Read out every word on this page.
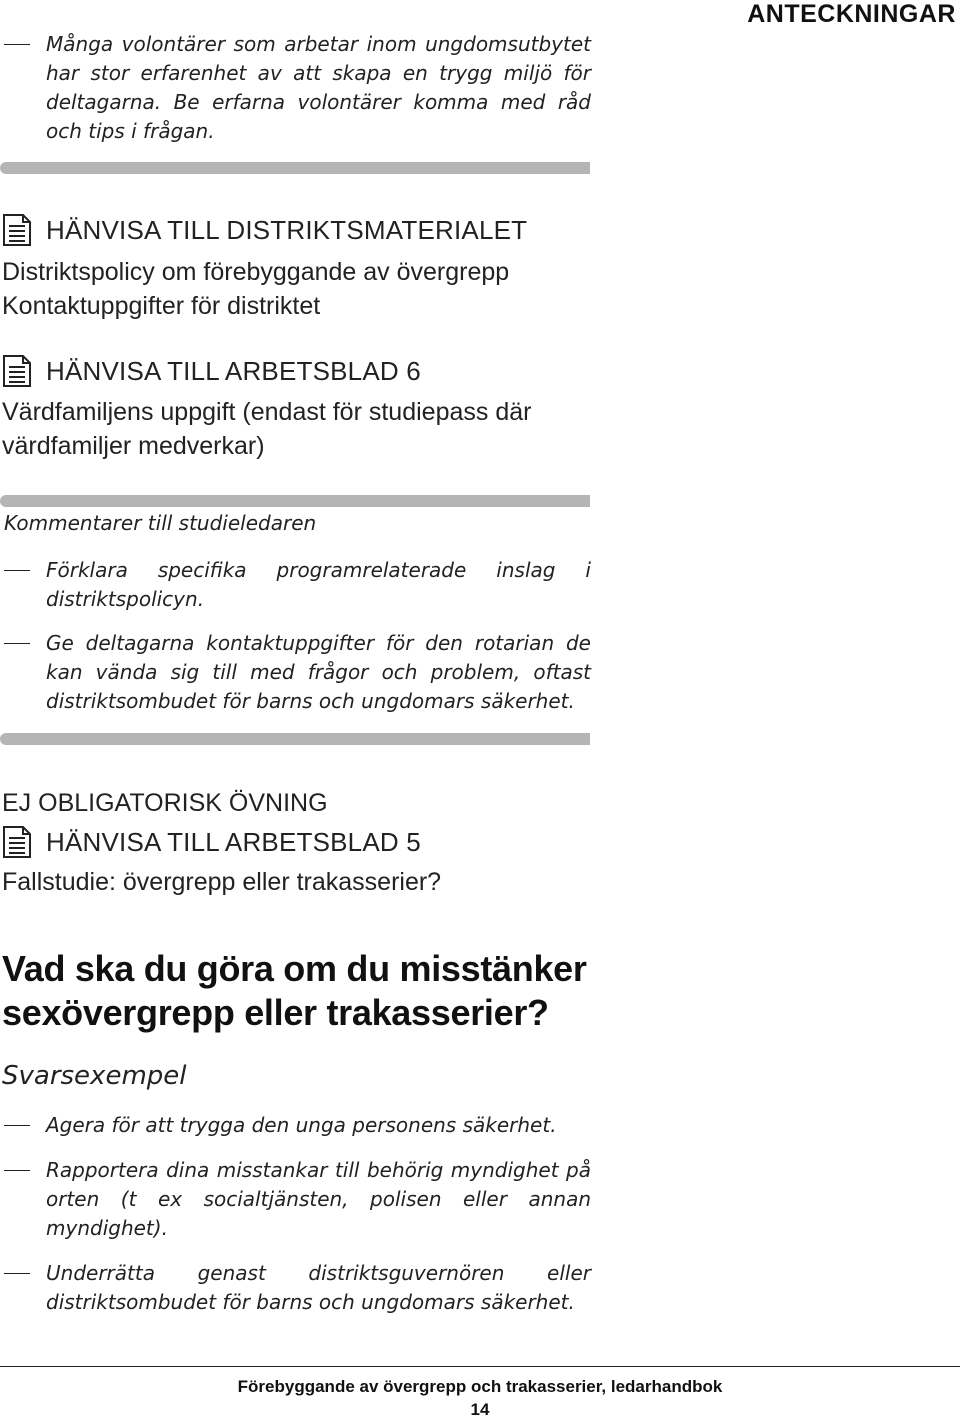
ANTECKNINGAR
Många volontärer som arbetar inom ungdomsutbytet har stor erfarenhet av att skapa en trygg miljö för deltagarna. Be erfarna volontärer komma med råd och tips i frågan.
HÄNVISA TILL DISTRIKTSMATERIALET
Distriktspolicy om förebyggande av övergrepp
Kontaktuppgifter för distriktet
HÄNVISA TILL ARBETSBLAD 6
Värdfamiljens uppgift (endast för studiepass där
värdfamiljer medverkar)
Kommentarer till studieledaren
Förklara specifika programrelaterade inslag i distriktspolicyn.
Ge deltagarna kontaktuppgifter för den rotarian de kan vända sig till med frågor och problem, oftast distriktsombudet för barns och ungdomars säkerhet.
EJ OBLIGATORISK ÖVNING
HÄNVISA TILL ARBETSBLAD 5
Fallstudie: övergrepp eller trakasserier?
Vad ska du göra om du misstänker
sexövergrepp eller trakasserier?
Svarsexempel
Agera för att trygga den unga personens säkerhet.
Rapportera dina misstankar till behörig myndighet på orten (t ex socialtjänsten, polisen eller annan myndighet).
Underrätta genast distriktsguvernören eller distriktsombudet för barns och ungdomars säkerhet.
Förebyggande av övergrepp och trakasserier, ledarhandbok
14
